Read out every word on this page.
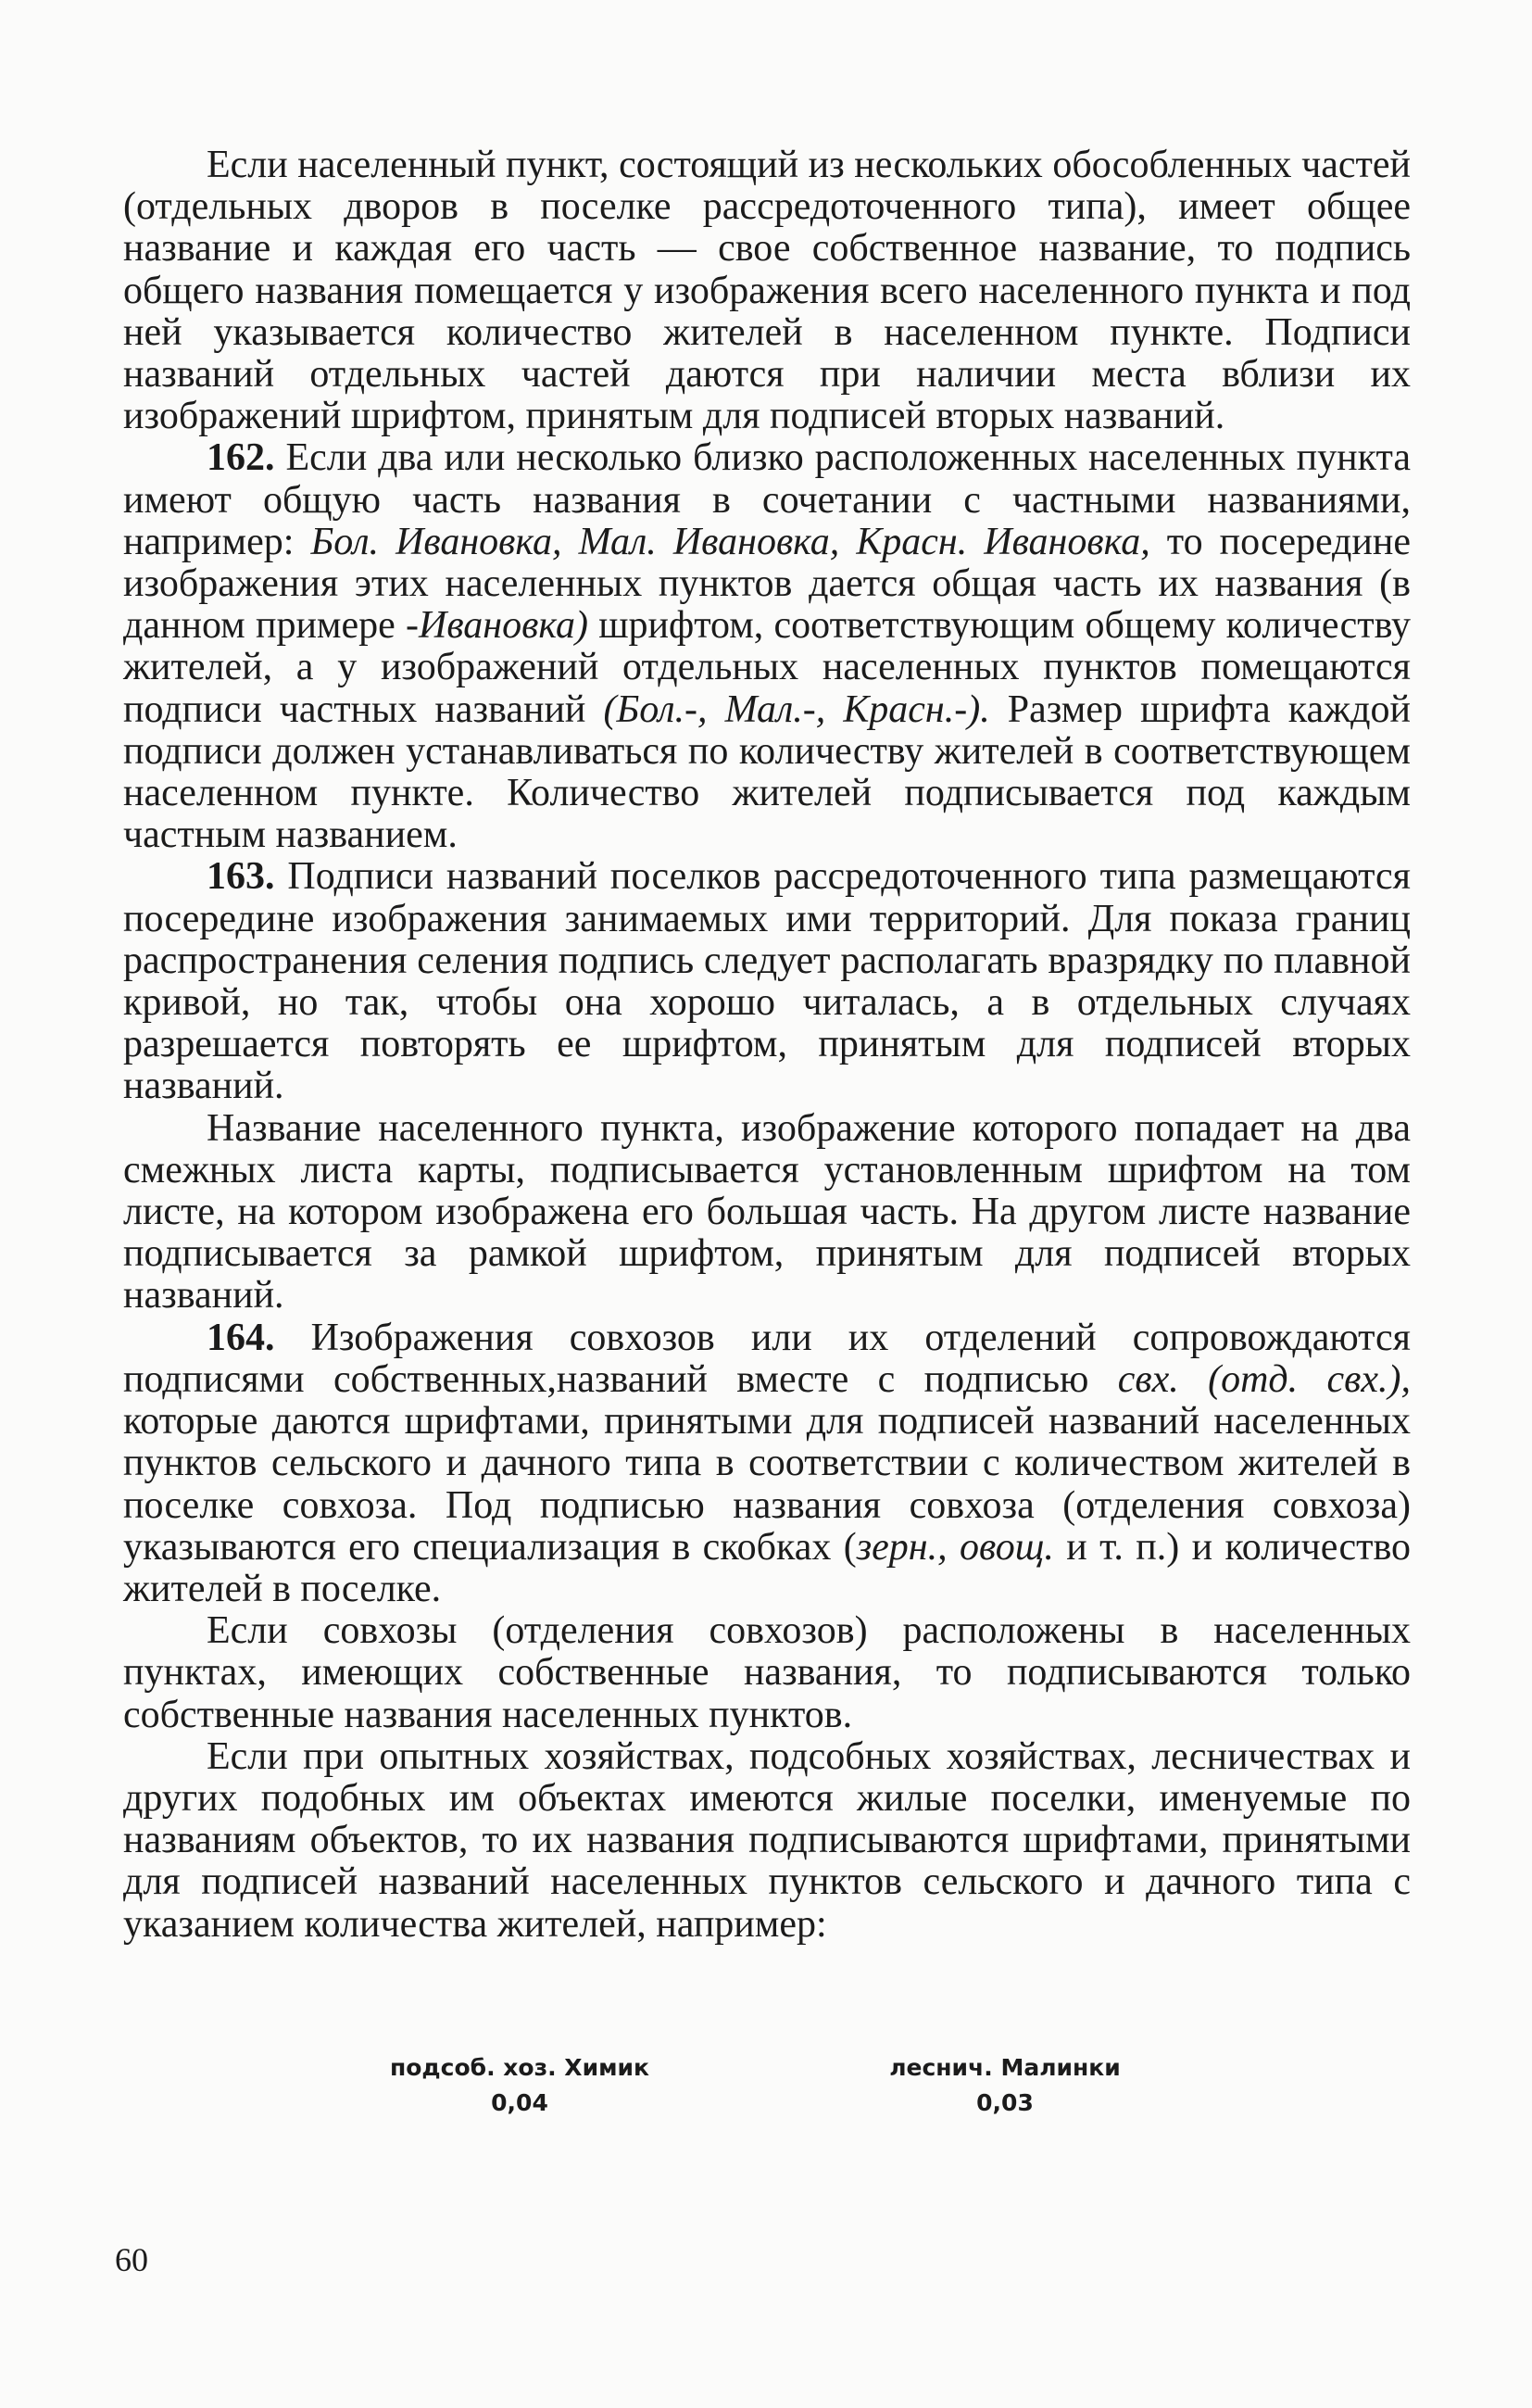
Если населенный пункт, состоящий из нескольких обособленных частей (отдельных дворов в поселке рассредоточенного типа), имеет общее название и каждая его часть — свое собственное название, то подпись общего названия помещается у изображения всего населенного пункта и под ней указывается количество жителей в населенном пункте. Подписи названий отдельных частей даются при наличии места вблизи их изображений шрифтом, принятым для подписей вторых названий.

162. Если два или несколько близко расположенных населенных пункта имеют общую часть названия в сочетании с частными названиями, например: Бол. Ивановка, Мал. Ивановка, Красн. Ивановка, то посередине изображения этих населенных пунктов дается общая часть их названия (в данном примере -Ивановка) шрифтом, соответствующим общему количеству жителей, а у изображений отдельных населенных пунктов помещаются подписи частных названий (Бол.-, Мал.-, Красн.-). Размер шрифта каждой подписи должен устанавливаться по количеству жителей в соответствующем населенном пункте. Количество жителей подписывается под каждым частным названием.

163. Подписи названий поселков рассредоточенного типа размещаются посередине изображения занимаемых ими территорий. Для показа границ распространения селения подпись следует располагать вразрядку по плавной кривой, но так, чтобы она хорошо читалась, а в отдельных случаях разрешается повторять ее шрифтом, принятым для подписей вторых названий.

Название населенного пункта, изображение которого попадает на два смежных листа карты, подписывается установленным шрифтом на том листе, на котором изображена его большая часть. На другом листе название подписывается за рамкой шрифтом, принятым для подписей вторых названий.

164. Изображения совхозов или их отделений сопровождаются подписями собственных,названий вместе с подписью свх. (отд. свх.), которые даются шрифтами, принятыми для подписей названий населенных пунктов сельского и дачного типа в соответствии с количеством жителей в поселке совхоза. Под подписью названия совхоза (отделения совхоза) указываются его специализация в скобках (зерн., овощ. и т. п.) и количество жителей в поселке.

Если совхозы (отделения совхозов) расположены в населенных пунктах, имеющих собственные названия, то подписываются только собственные названия населенных пунктов.

Если при опытных хозяйствах, подсобных хозяйствах, лесничествах и других подобных им объектах имеются жилые поселки, именуемые по названиям объектов, то их названия подписываются шрифтами, принятыми для подписей названий населенных пунктов сельского и дачного типа с указанием количества жителей, например:

подсоб. хоз. Химик
0,04
леснич. Малинки
0,03
60
